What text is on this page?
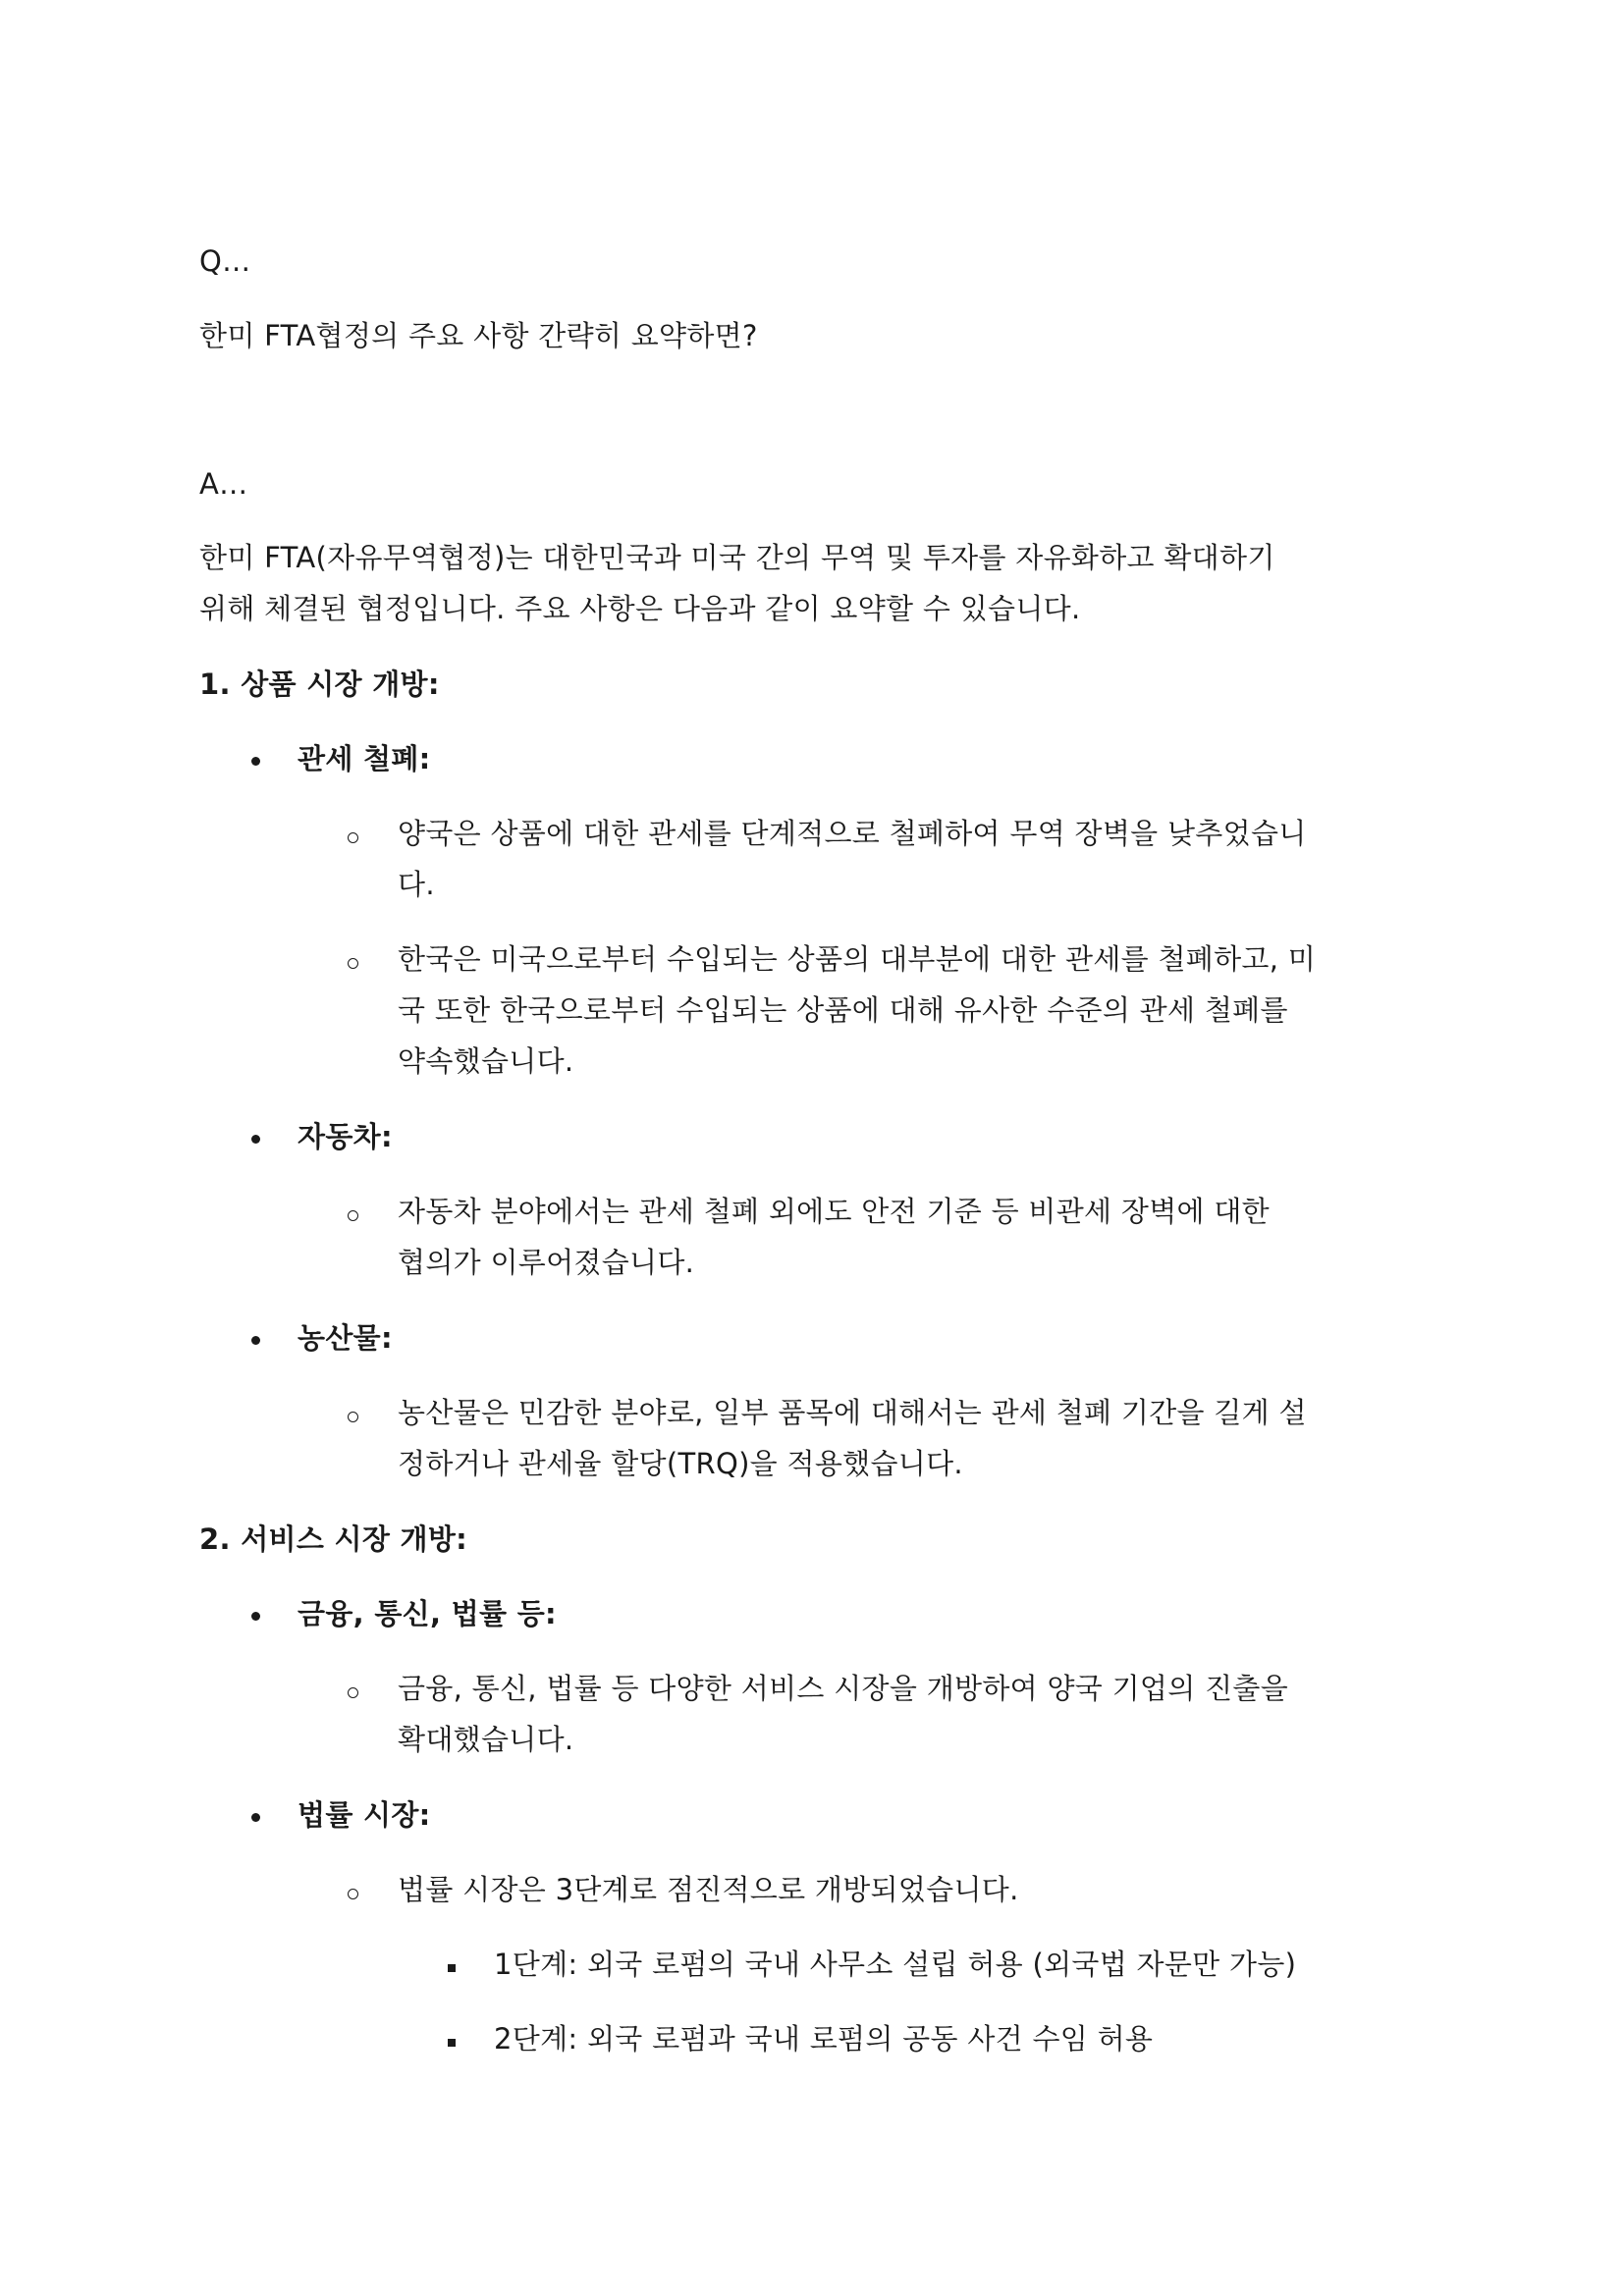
Q…

한미 FTA협정의 주요 사항 간략히 요약하면?

A…

한미 FTA(자유무역협정)는 대한민국과 미국 간의 무역 및 투자를 자유화하고 확대하기

위해 체결된 협정입니다. 주요 사항은 다음과 같이 요약할 수 있습니다.

1. 상품 시장 개방:

관세 철폐:

양국은 상품에 대한 관세를 단계적으로 철폐하여 무역 장벽을 낮추었습니

다.

한국은 미국으로부터 수입되는 상품의 대부분에 대한 관세를 철폐하고, 미

국 또한 한국으로부터 수입되는 상품에 대해 유사한 수준의 관세 철폐를

약속했습니다.

자동차:

자동차 분야에서는 관세 철폐 외에도 안전 기준 등 비관세 장벽에 대한

협의가 이루어졌습니다.

농산물:

농산물은 민감한 분야로, 일부 품목에 대해서는 관세 철폐 기간을 길게 설

정하거나 관세율 할당(TRQ)을 적용했습니다.

2. 서비스 시장 개방:

금융, 통신, 법률 등:

금융, 통신, 법률 등 다양한 서비스 시장을 개방하여 양국 기업의 진출을

확대했습니다.

법률 시장:

법률 시장은 3단계로 점진적으로 개방되었습니다.

1단계: 외국 로펌의 국내 사무소 설립 허용 (외국법 자문만 가능)

2단계: 외국 로펌과 국내 로펌의 공동 사건 수임 허용
